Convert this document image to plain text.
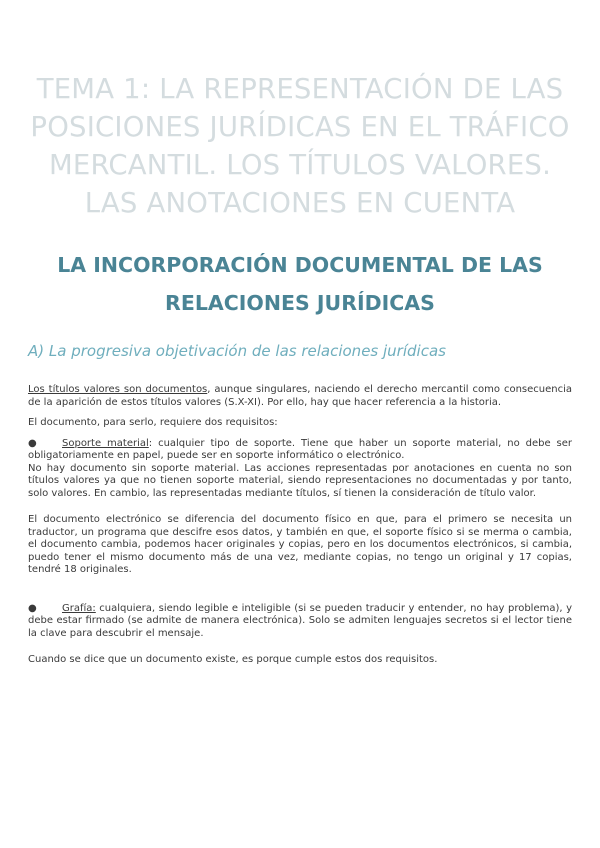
TEMA 1: LA REPRESENTACIÓN DE LAS POSICIONES JURÍDICAS EN EL TRÁFICO MERCANTIL. LOS TÍTULOS VALORES. LAS ANOTACIONES EN CUENTA
LA INCORPORACIÓN DOCUMENTAL DE LAS RELACIONES JURÍDICAS
A) La progresiva objetivación de las relaciones jurídicas

Los títulos valores son documentos, aunque singulares, naciendo el derecho mercantil como consecuencia de la aparición de estos títulos valores (S.X-XI). Por ello, hay que hacer referencia a la historia.

El documento, para serlo, requiere dos requisitos:

●	Soporte material: cualquier tipo de soporte. Tiene que haber un soporte material, no debe ser obligatoriamente en papel, puede ser en soporte informático o electrónico.

No hay documento sin soporte material. Las acciones representadas por anotaciones en cuenta no son títulos valores ya que no tienen soporte material, siendo representaciones no documentadas y por tanto, solo valores. En cambio, las representadas mediante títulos, sí tienen la consideración de título valor.

El documento electrónico se diferencia del documento físico en que, para el primero se necesita un traductor, un programa que descifre esos datos, y también en que, el soporte físico si se merma o cambia, el documento cambia, podemos hacer originales y copias, pero en los documentos electrónicos, si cambia, puedo tener el mismo documento más de una vez, mediante copias, no tengo un original y 17 copias, tendré 18 originales.

●	Grafía: cualquiera, siendo legible e inteligible (si se pueden traducir y entender, no hay problema), y debe estar firmado (se admite de manera electrónica). Solo se admiten lenguajes secretos si el lector tiene la clave para descubrir el mensaje.

Cuando se dice que un documento existe, es porque cumple estos dos requisitos.
